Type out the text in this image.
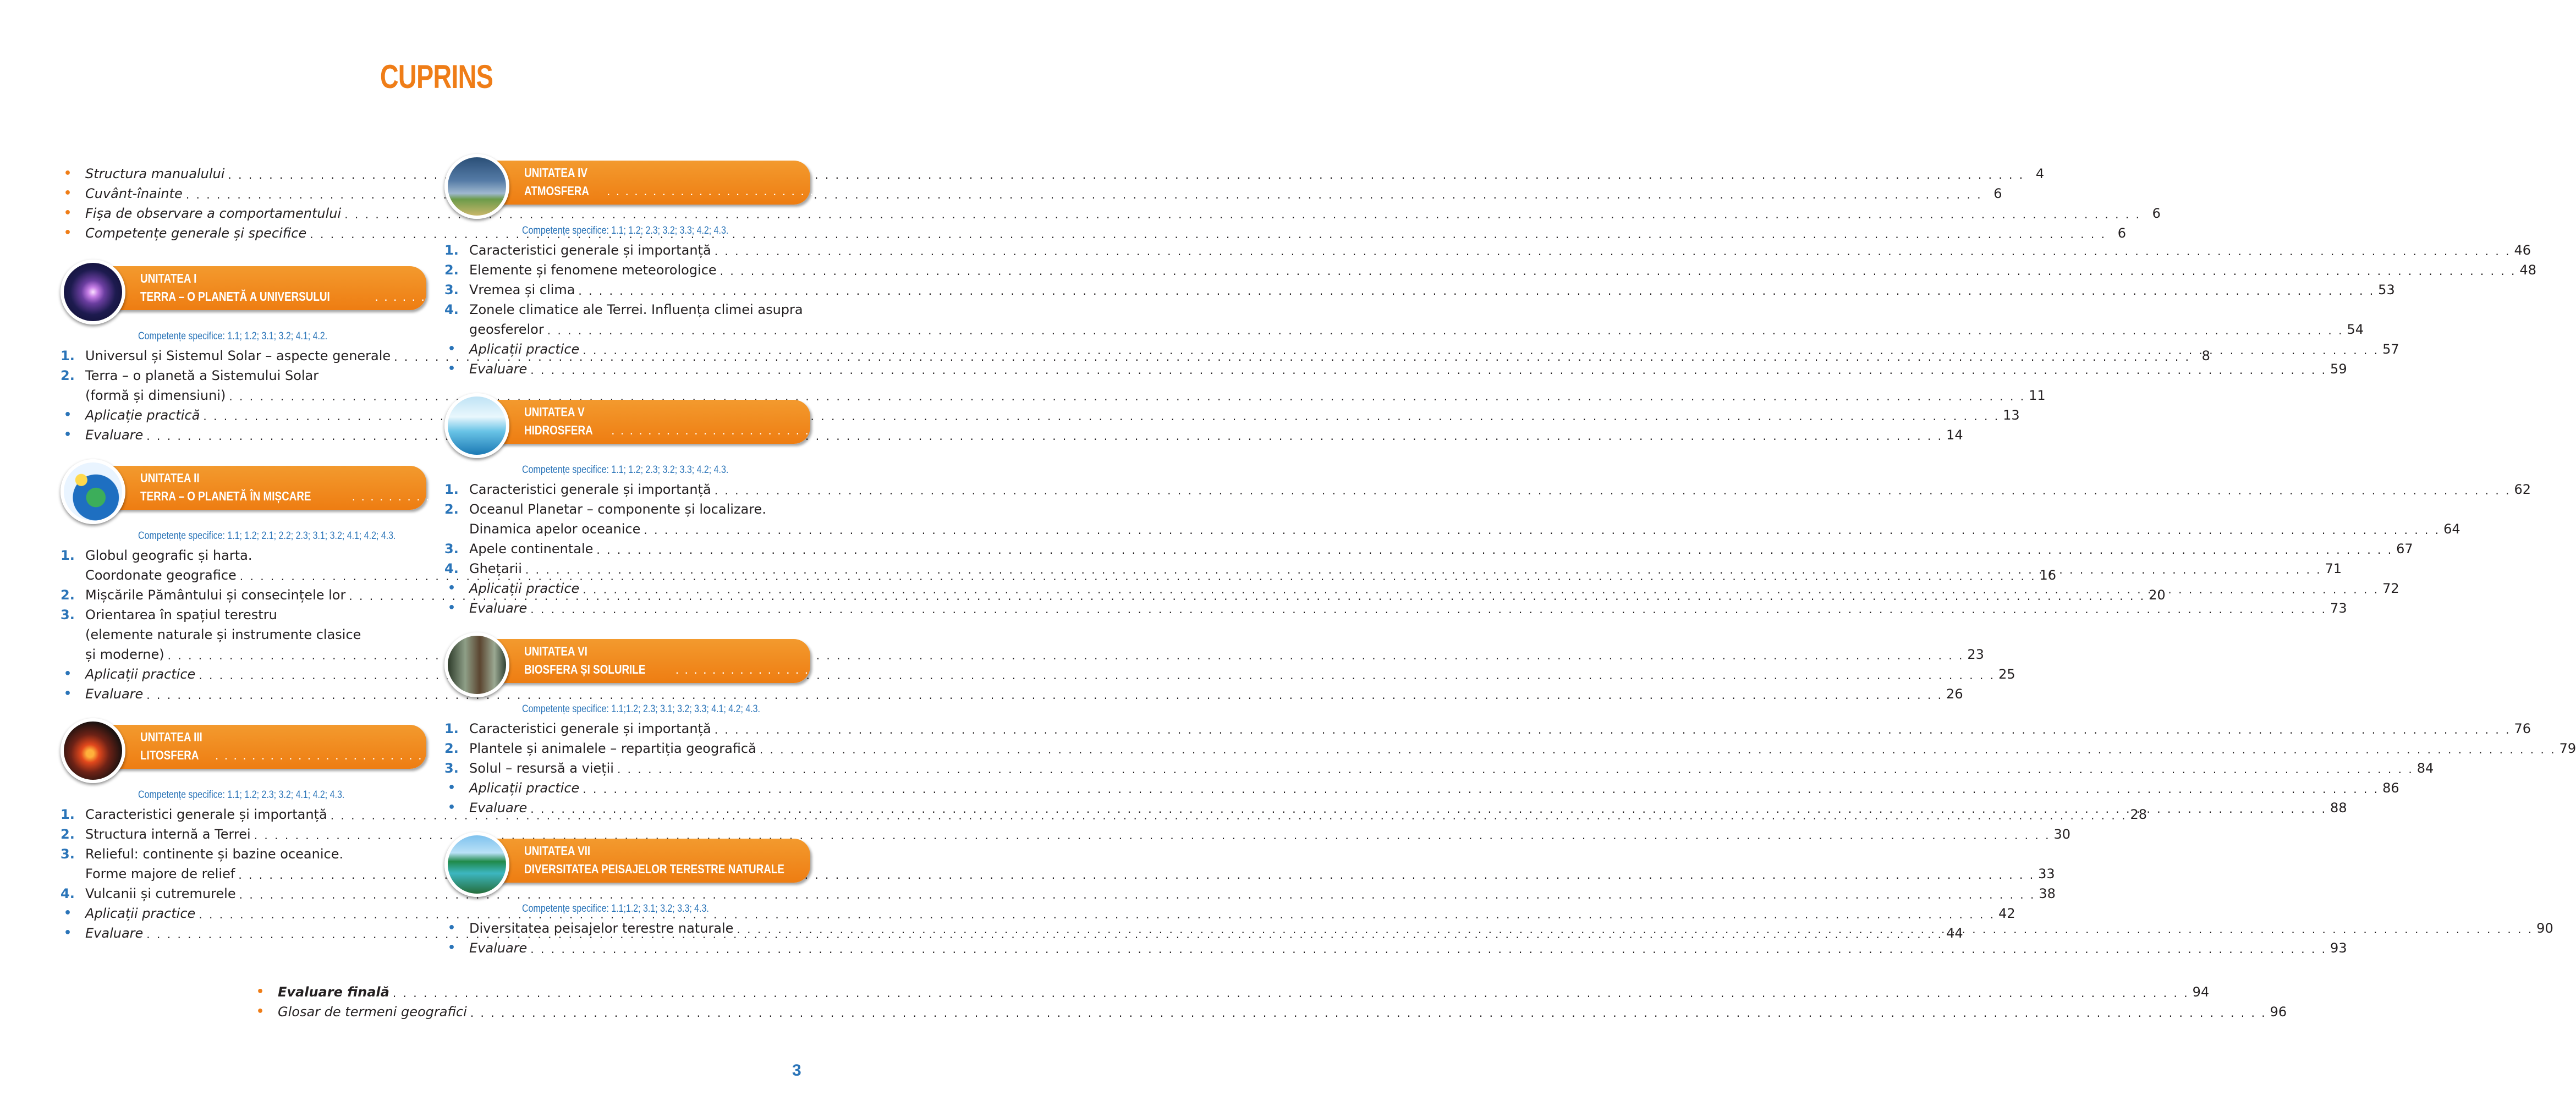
CUPRINS
•	Structura manualului . . .	4
•	Cuvânt-înainte . . .	6
•	Fișa de observare a comportamentului . . .	6
•	Competențe generale și specifice . . .	6
UNITATEA I
TERRA – O PLANETĂ A UNIVERSULUI . . .	7
Competențe specifice: 1.1; 1.2; 3.1; 3.2; 4.1; 4.2.
1. Universul și Sistemul Solar – aspecte generale . . .	8
2. Terra – o planetă a Sistemului Solar
(formă și dimensiuni) . . .	11
•	Aplicație practică . . .	13
•	Evaluare . . .	14
UNITATEA II
TERRA – O PLANETĂ ÎN MIȘCARE . . .	15
Competențe specifice: 1.1; 1.2; 2.1; 2.2; 2.3; 3.1; 3.2; 4.1; 4.2; 4.3.
1. Globul geografic și harta.
Coordonate geografice . . .	16
2. Mișcările Pământului și consecințele lor . . .	20
3. Orientarea în spațiul terestru
(elemente naturale și instrumente clasice
și moderne) . . .	23
•	Aplicații practice . . .	25
•	Evaluare . . .	26
UNITATEA III
LITOSFERA . . .	27
Competențe specifice: 1.1; 1.2; 2.3; 3.2; 4.1; 4.2; 4.3.
1. Caracteristici generale și importanță . . .	28
2. Structura internă a Terrei . . .	30
3. Relieful: continente și bazine oceanice.
Forme majore de relief . . .	33
4. Vulcanii și cutremurele . . .	38
•	Aplicații practice . . .	42
•	Evaluare . . .	44
UNITATEA IV
ATMOSFERA . . .	45
Competențe specifice: 1.1; 1.2; 2.3; 3.2; 3.3; 4.2; 4.3.
1. Caracteristici generale și importanță . . .	46
2. Elemente și fenomene meteorologice . . .	48
3. Vremea și clima . . .	53
4. Zonele climatice ale Terrei. Influența climei asupra
geosferelor . . .	54
•	Aplicații practice . . .	57
•	Evaluare . . .	59
UNITATEA V
HIDROSFERA . . .	61
Competențe specifice: 1.1; 1.2; 2.3; 3.2; 3.3; 4.2; 4.3.
1. Caracteristici generale și importanță . . .	62
2. Oceanul Planetar – componente și localizare.
Dinamica apelor oceanice . . .	64
3. Apele continentale . . .	67
4. Ghețarii . . .	71
•	Aplicații practice . . .	72
•	Evaluare . . .	73
UNITATEA VI
BIOSFERA ȘI SOLURILE . . .	75
Competențe specifice: 1.1;1.2; 2.3; 3.1; 3.2; 3.3; 4.1; 4.2; 4.3.
1. Caracteristici generale și importanță . . .	76
2. Plantele și animalele – repartiția geografică . . .	79
3. Solul – resursă a vieții . . .	84
•	Aplicații practice . . .	86
•	Evaluare . . .	88
UNITATEA VII
DIVERSITATEA PEISAJELOR TERESTRE NATURALE	89
Competențe specifice: 1.1;1.2; 3.1; 3.2; 3.3; 4.3.
•	Diversitatea peisajelor terestre naturale . . .	90
•	Evaluare . . .	93
•	Evaluare finală . . .	94
•	Glosar de termeni geografici . . .	96
3
